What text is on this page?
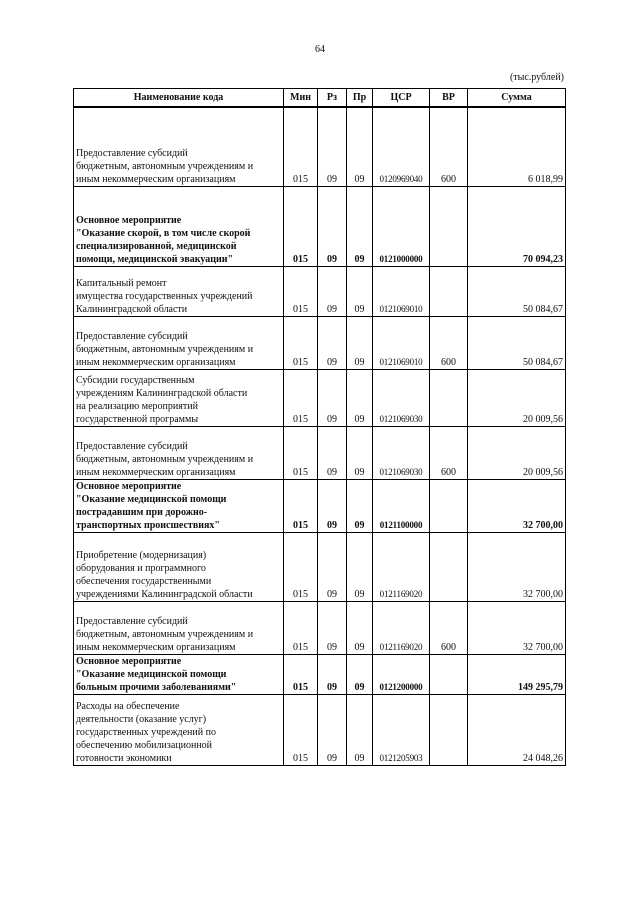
64
(тыс.рублей)
Наименование кода	Мин	Рз	Пр	ЦСР	ВР	Сумма
Предоставление субсидий
бюджетным, автономным учреждениям и
иным некоммерческим организациям	015	09	09	0120969040	600	6 018,99
Основное мероприятие
"Оказание скорой, в том числе скорой
специализированной, медицинской
помощи, медицинской эвакуации"	015	09	09	0121000000		70 094,23
Капитальный ремонт
имущества государственных учреждений
Калининградской области	015	09	09	0121069010		50 084,67
Предоставление субсидий
бюджетным, автономным учреждениям и
иным некоммерческим организациям	015	09	09	0121069010	600	50 084,67
Субсидии государственным
учреждениям Калининградской области
на реализацию мероприятий
государственной программы	015	09	09	0121069030		20 009,56
Предоставление субсидий
бюджетным, автономным учреждениям и
иным некоммерческим организациям	015	09	09	0121069030	600	20 009,56
Основное мероприятие
"Оказание медицинской помощи
пострадавшим при дорожно-
транспортных происшествиях"	015	09	09	0121100000		32 700,00
Приобретение (модернизация)
оборудования и программного
обеспечения государственными
учреждениями Калининградской области	015	09	09	0121169020		32 700,00
Предоставление субсидий
бюджетным, автономным учреждениям и
иным некоммерческим организациям	015	09	09	0121169020	600	32 700,00
Основное мероприятие
"Оказание медицинской помощи
больным прочими заболеваниями"	015	09	09	0121200000		149 295,79
Расходы на обеспечение
деятельности (оказание услуг)
государственных учреждений по
обеспечению мобилизационной
готовности экономики	015	09	09	0121205903		24 048,26
